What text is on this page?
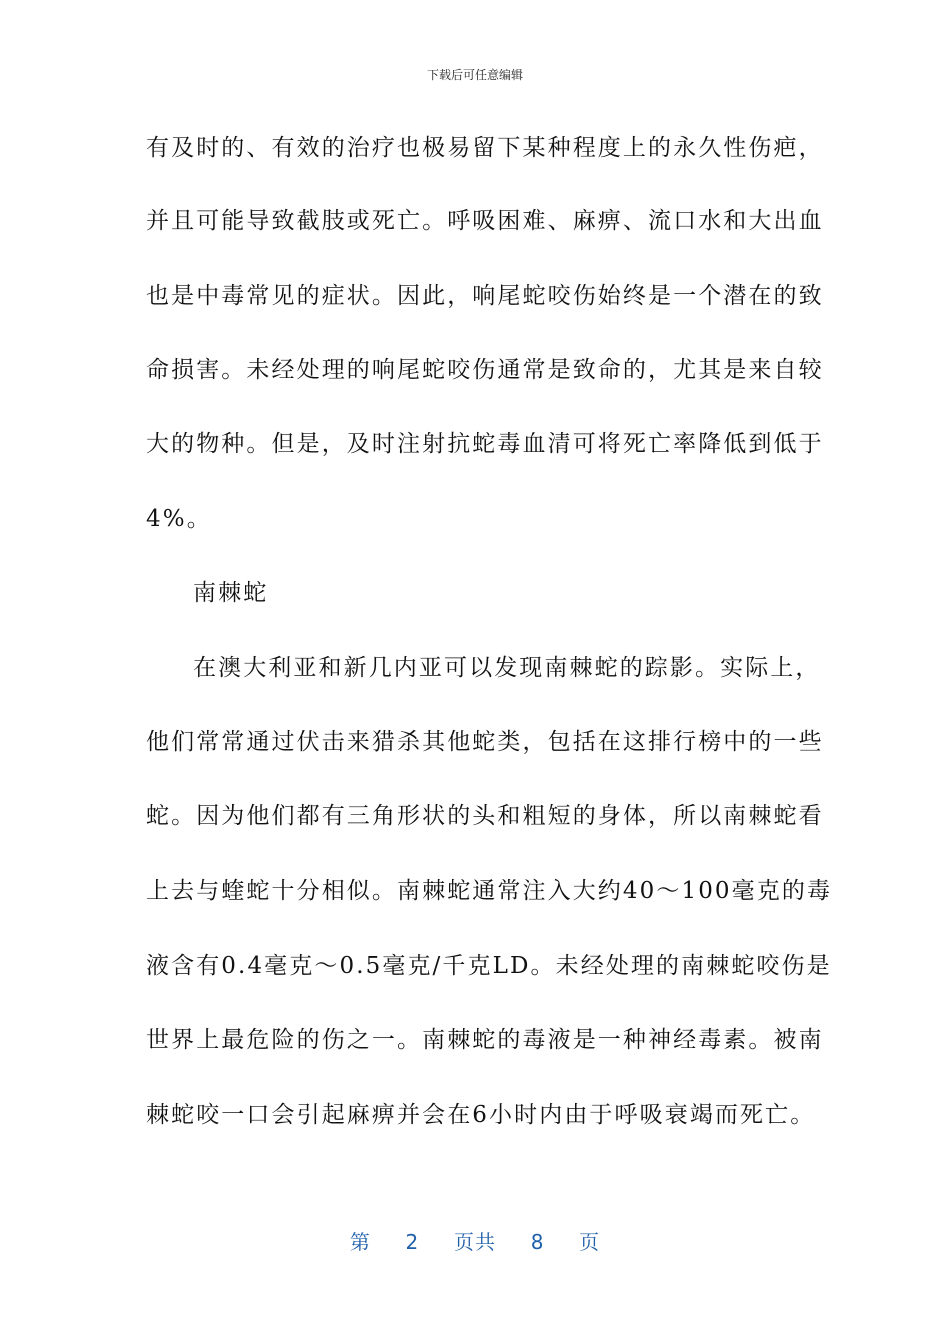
下载后可任意编辑
有及时的、有效的治疗也极易留下某种程度上的永久性伤疤，
并且可能导致截肢或死亡。呼吸困难、麻痹、流口水和大出血
也是中毒常见的症状。因此，响尾蛇咬伤始终是一个潜在的致
命损害。未经处理的响尾蛇咬伤通常是致命的，尤其是来自较
大的物种。但是，及时注射抗蛇毒血清可将死亡率降低到低于
4%。
南棘蛇
在澳大利亚和新几内亚可以发现南棘蛇的踪影。实际上，
他们常常通过伏击来猎杀其他蛇类，包括在这排行榜中的一些
蛇。因为他们都有三角形状的头和粗短的身体，所以南棘蛇看
上去与蝰蛇十分相似。南棘蛇通常注入大约40～100毫克的毒
液含有0.4毫克～0.5毫克/千克LD。未经处理的南棘蛇咬伤是
世界上最危险的伤之一。南棘蛇的毒液是一种神经毒素。被南
棘蛇咬一口会引起麻痹并会在6小时内由于呼吸衰竭而死亡。
第 2 页共 8 页
